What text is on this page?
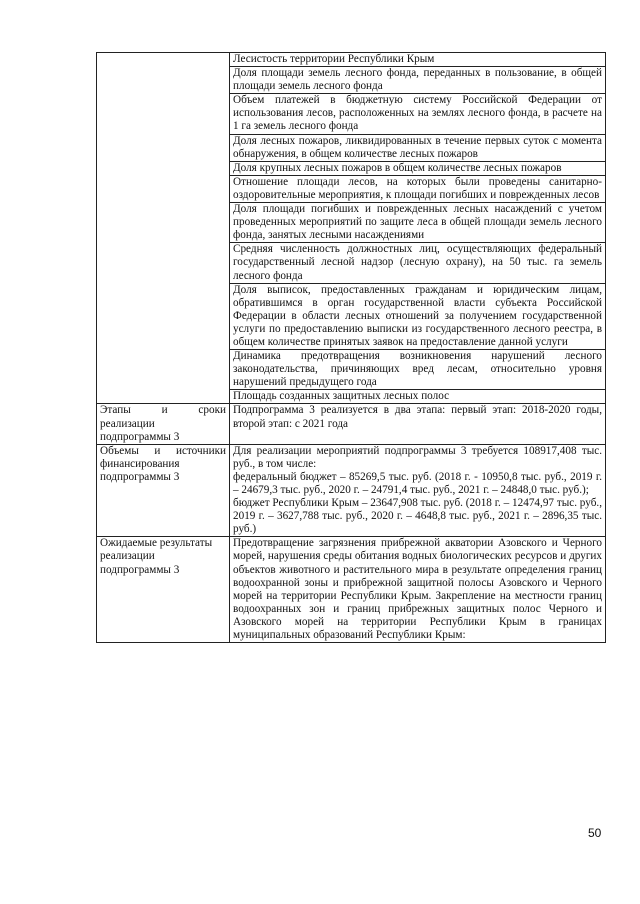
	Лесистость территории Республики Крым
	Доля площади земель лесного фонда, переданных в пользование, в общей площади земель лесного фонда
	Объем платежей в бюджетную систему Российской Федерации от использования лесов, расположенных на землях лесного фонда, в расчете на 1 га земель лесного фонда
	Доля лесных пожаров, ликвидированных в течение первых суток с момента обнаружения, в общем количестве лесных пожаров
	Доля крупных лесных пожаров в общем количестве лесных пожаров
	Отношение площади лесов, на которых были проведены санитарно-оздоровительные мероприятия, к площади погибших и поврежденных лесов
	Доля площади погибших и поврежденных лесных насаждений с учетом проведенных мероприятий по защите леса в общей площади земель лесного фонда, занятых лесными насаждениями
	Средняя численность должностных лиц, осуществляющих федеральный государственный лесной надзор (лесную охрану), на 50 тыс. га земель лесного фонда
	Доля выписок, предоставленных гражданам и юридическим лицам, обратившимся в орган государственной власти субъекта Российской Федерации в области лесных отношений за получением государственной услуги по предоставлению выписки из государственного лесного реестра, в общем количестве принятых заявок на предоставление данной услуги
	Динамика предотвращения возникновения нарушений лесного законодательства, причиняющих вред лесам, относительно уровня нарушений предыдущего года
	Площадь созданных защитных лесных полос
Этапы и сроки реализации подпрограммы 3	Подпрограмма 3 реализуется в два этапа: первый этап: 2018-2020 годы, второй этап: с 2021 года
Объемы и источники финансирования подпрограммы 3	Для реализации мероприятий подпрограммы 3 требуется 108917,408 тыс. руб., в том числе:
федеральный бюджет – 85269,5 тыс. руб. (2018 г. - 10950,8 тыс. руб., 2019 г. – 24679,3 тыс. руб., 2020 г. – 24791,4 тыс. руб., 2021 г. – 24848,0 тыс. руб.);
бюджет Республики Крым – 23647,908 тыс. руб. (2018 г. – 12474,97 тыс. руб., 2019 г. – 3627,788 тыс. руб., 2020 г. – 4648,8 тыс. руб., 2021 г. – 2896,35 тыс. руб.)

Ожидаемые результаты реализации подпрограммы 3	Предотвращение загрязнения прибрежной акватории Азовского и Черного морей, нарушения среды обитания водных биологических ресурсов и других объектов животного и растительного мира в результате определения границ водоохранной зоны и прибрежной защитной полосы Азовского и Черного морей на территории Республики Крым. Закрепление на местности границ водоохранных зон и границ прибрежных защитных полос Черного и Азовского морей на территории Республики Крым в границах муниципальных образований Республики Крым:
50
